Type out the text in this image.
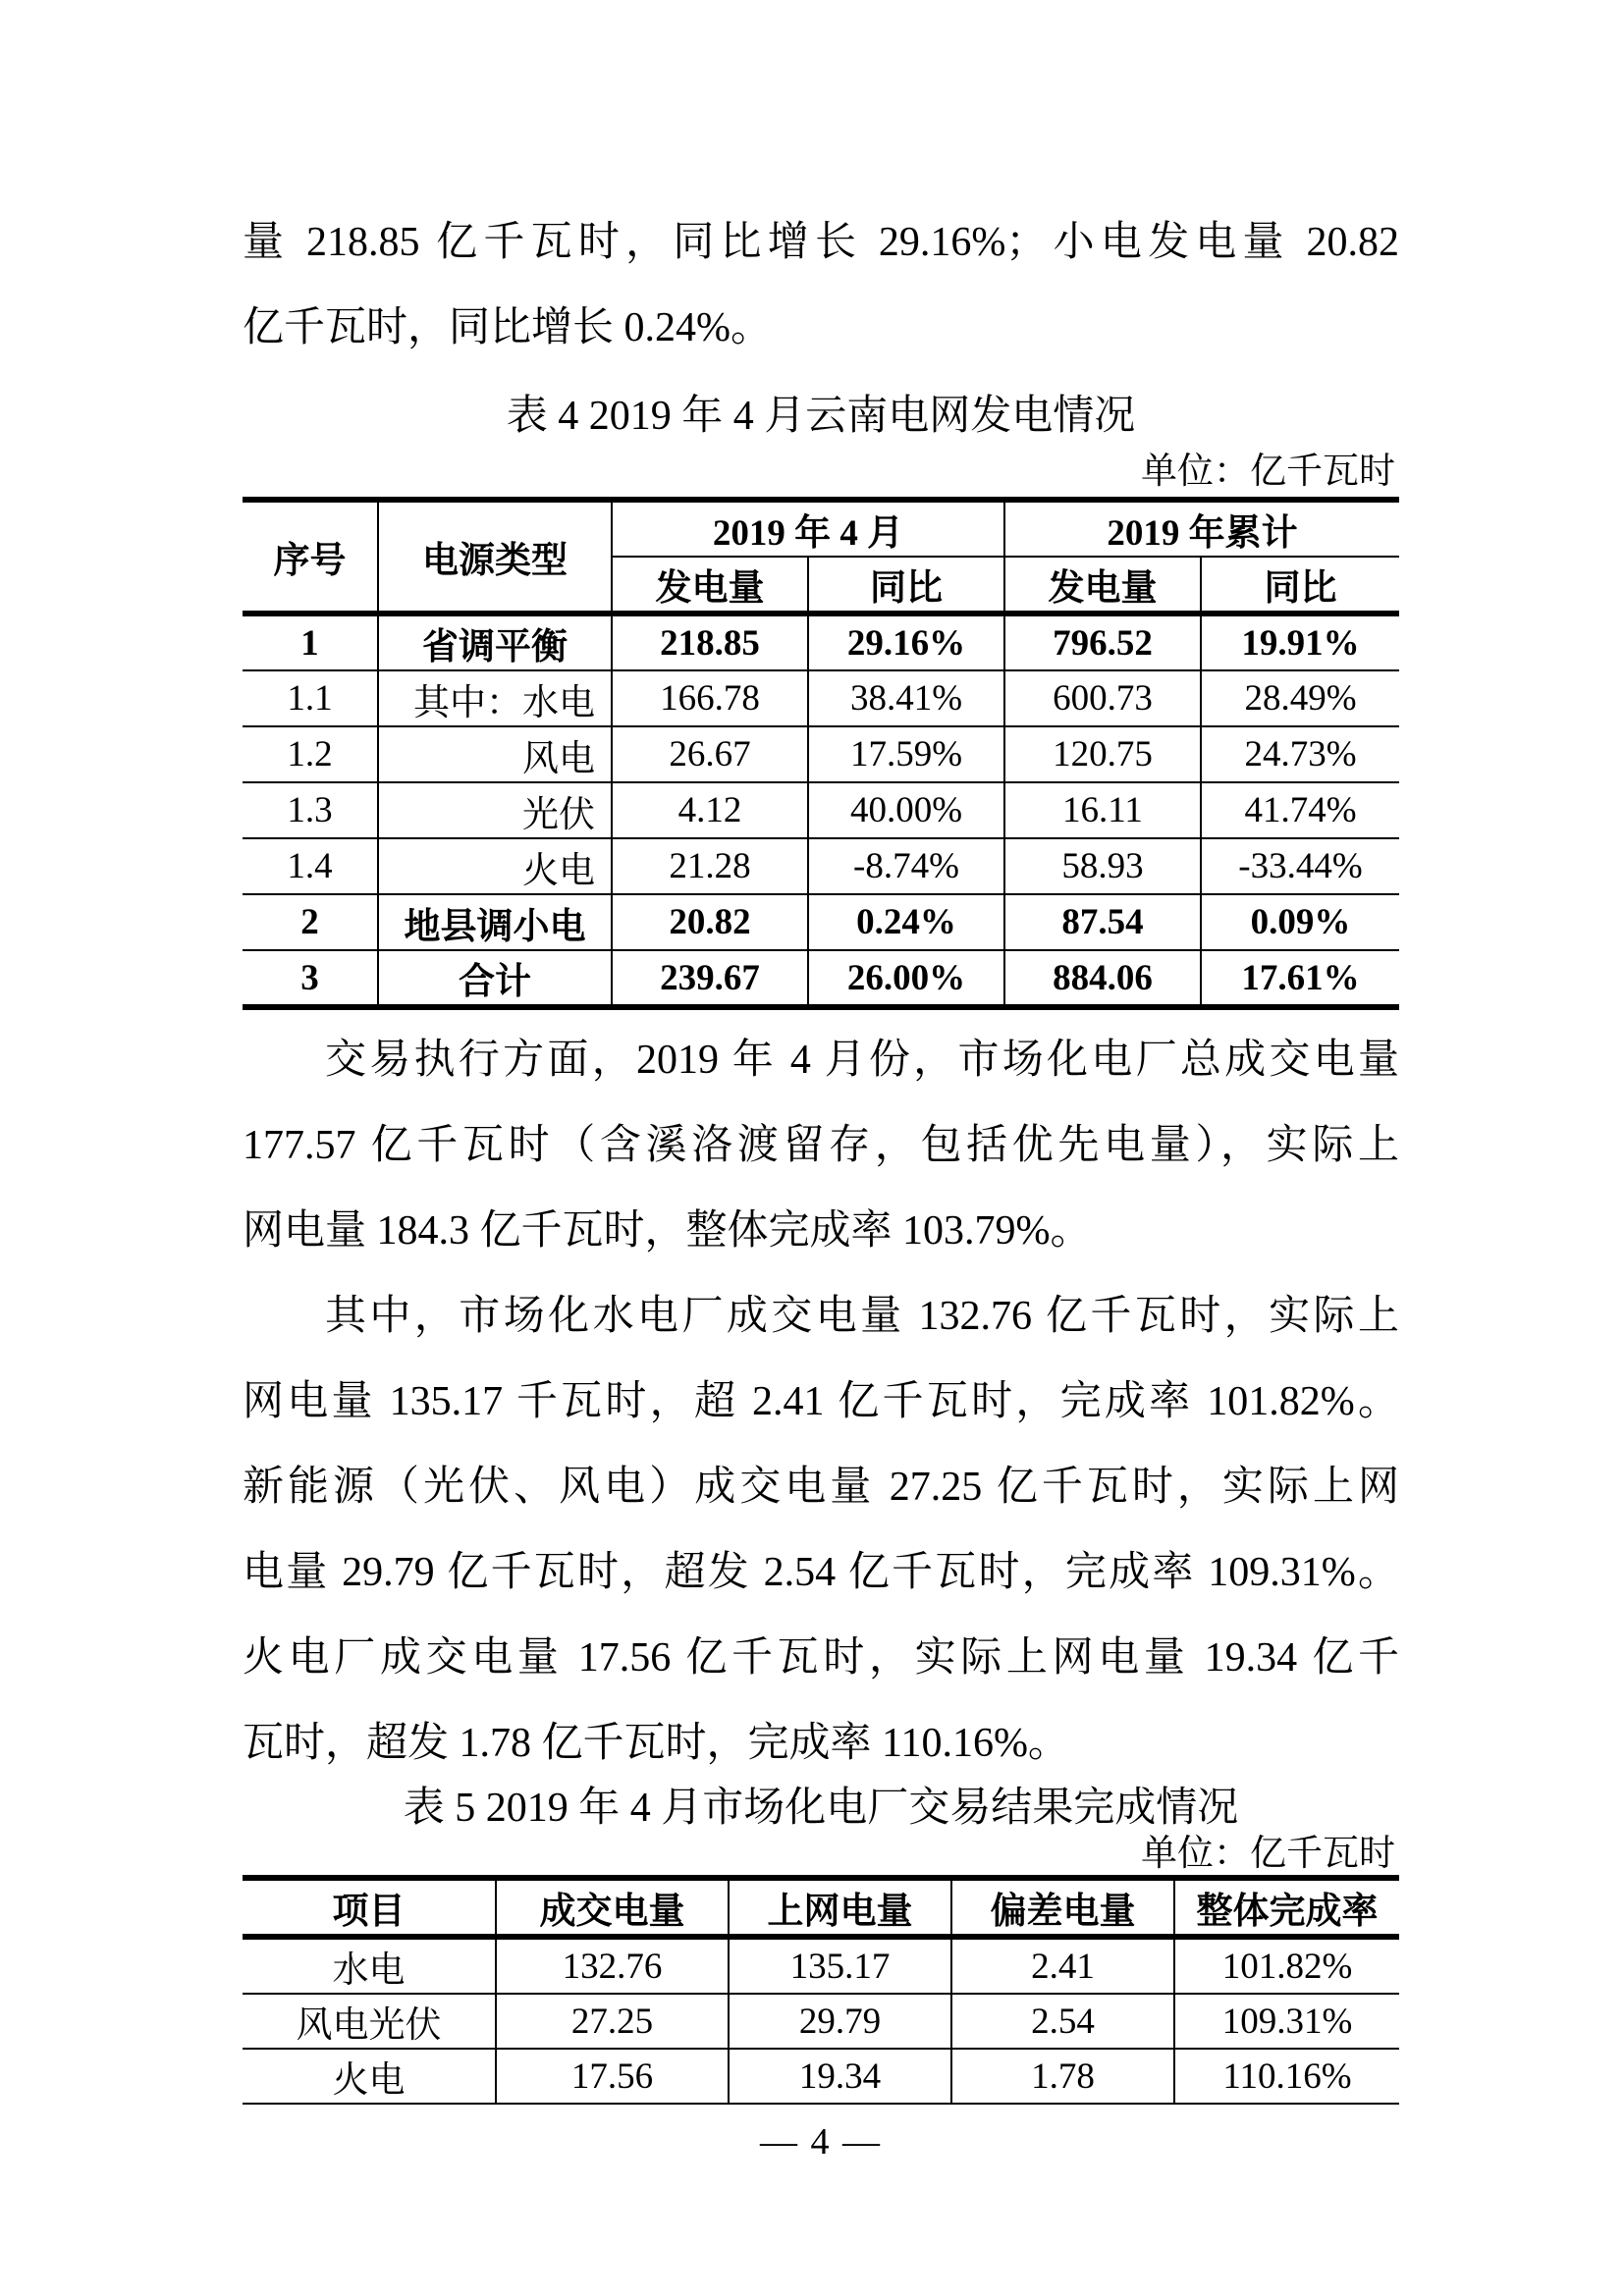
量 218.85 亿千瓦时，同比增长 29.16%；小电发电量 20.82
亿千瓦时，同比增长 0.24%。
表 4 2019 年 4 月云南电网发电情况
单位：亿千瓦时
序号	电源类型	2019 年 4 月		2019 年累计	
		发电量	同比	发电量	同比
1	省调平衡	218.85	29.16%	796.52	19.91%
1.1	其中：水电	166.78	38.41%	600.73	28.49%
1.2	风电	26.67	17.59%	120.75	24.73%
1.3	光伏	4.12	40.00%	16.11	41.74%
1.4	火电	21.28	-8.74%	58.93	-33.44%
2	地县调小电	20.82	0.24%	87.54	0.09%
3	合计	239.67	26.00%	884.06	17.61%
交易执行方面，2019 年 4 月份，市场化电厂总成交电量
177.57 亿千瓦时（含溪洛渡留存，包括优先电量），实际上
网电量 184.3 亿千瓦时，整体完成率 103.79%。
其中，市场化水电厂成交电量 132.76 亿千瓦时，实际上
网电量 135.17 千瓦时，超 2.41 亿千瓦时，完成率 101.82%。
新能源（光伏、风电）成交电量 27.25 亿千瓦时，实际上网
电量 29.79 亿千瓦时，超发 2.54 亿千瓦时，完成率 109.31%。
火电厂成交电量 17.56 亿千瓦时，实际上网电量 19.34 亿千
瓦时，超发 1.78 亿千瓦时，完成率 110.16%。
表 5 2019 年 4 月市场化电厂交易结果完成情况
单位：亿千瓦时
项目	成交电量	上网电量	偏差电量	整体完成率
水电	132.76	135.17	2.41	101.82%
风电光伏	27.25	29.79	2.54	109.31%
火电	17.56	19.34	1.78	110.16%
— 4 —
